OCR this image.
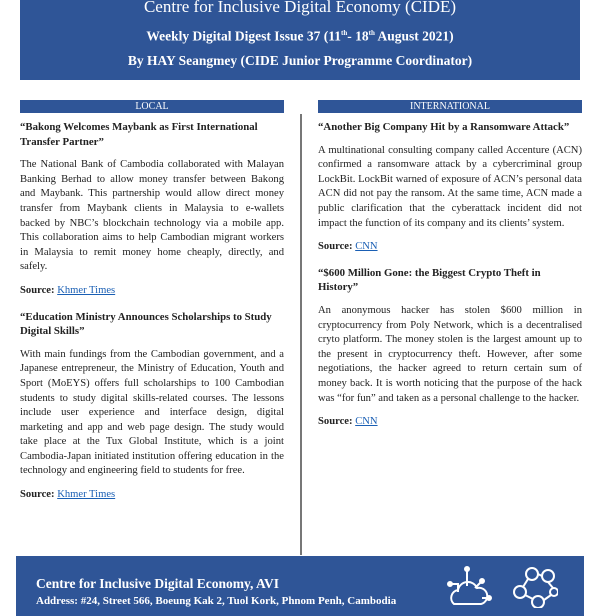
Centre for Inclusive Digital Economy (CIDE)
Weekly Digital Digest Issue 37 (11th- 18th August 2021)
By HAY Seangmey (CIDE Junior Programme Coordinator)
LOCAL	INTERNATIONAL
“Bakong Welcomes Maybank as First International Transfer Partner”

The National Bank of Cambodia collaborated with Malayan Banking Berhad to allow money transfer between Bakong and Maybank. This partnership would allow direct money transfer from Maybank clients in Malaysia to e-wallets backed by NBC’s blockchain technology via a mobile app. This collaboration aims to help Cambodian migrant workers in Malaysia to remit money home cheaply, directly, and safely.

Source: Khmer Times
“Education Ministry Announces Scholarships to Study Digital Skills”

With main fundings from the Cambodian government, and a Japanese entrepreneur, the Ministry of Education, Youth and Sport (MoEYS) offers full scholarships to 100 Cambodian students to study digital skills-related courses. The lessons include user experience and interface design, digital marketing and app and web page design. The study would take place at the Tux Global Institute, which is a joint Cambodia-Japan initiated institution offering education in the technology and engineering field to students for free.

Source: Khmer Times
“Another Big Company Hit by a Ransomware Attack”

A multinational consulting company called Accenture (ACN) confirmed a ransomware attack by a cybercriminal group LockBit. LockBit warned of exposure of ACN’s personal data ACN did not pay the ransom. At the same time, ACN made a public clarification that the cyberattack incident did not impact the function of its company and its clients’ system.

Source: CNN
“$600 Million Gone: the Biggest Crypto Theft in History”

An anonymous hacker has stolen $600 million in cryptocurrency from Poly Network, which is a decentralised cryto platform. The money stolen is the largest amount up to the present in cryptocurrency theft. However, after some negotiations, the hacker agreed to return certain sum of money back. It is worth noticing that the purpose of the hack was “for fun” and taken as a personal challenge to the hacker.

Source: CNN
Centre for Inclusive Digital Economy, AVI
Address: #24, Street 566, Boeung Kak 2, Tuol Kork, Phnom Penh, Cambodia
